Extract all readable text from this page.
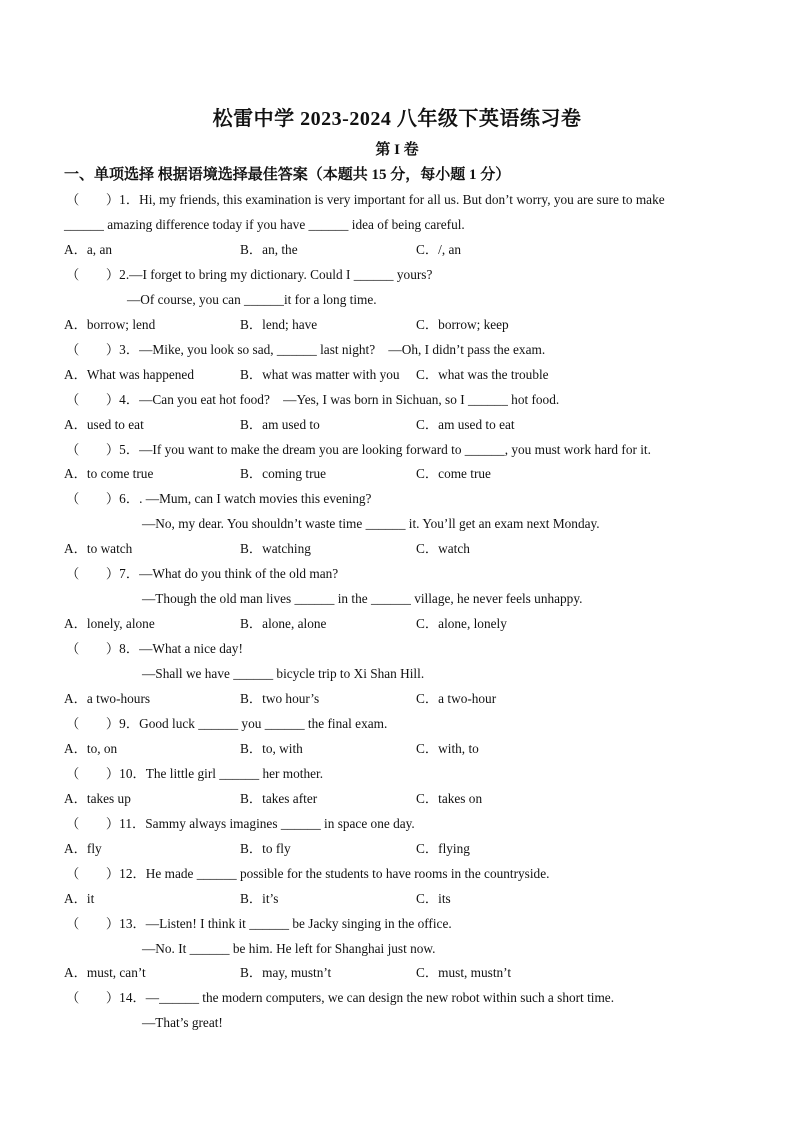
松雷中学 2023-2024 八年级下英语练习卷
第 I 卷
一、单项选择 根据语境选择最佳答案（本题共 15 分，每小题 1 分）
（　　）1．Hi, my friends, this examination is very important for all us. But don’t worry, you are sure to make
______ amazing difference today if you have ______ idea of being careful.
A．a, an	B．an, the	C．/, an
（　　）2.—I forget to bring my dictionary. Could I ______ yours?
—Of course, you can ______it for a long time.
A．borrow; lend	B．lend; have	C．borrow; keep
（　　）3．—Mike, you look so sad, ______ last night?　—Oh, I didn’t pass the exam.
A．What was happened	B．what was matter with you C．what was the trouble
（　　）4．—Can you eat hot food?　—Yes, I was born in Sichuan, so I ______ hot food.
A．used to eat	B．am used to	C．am used to eat
（　　）5．—If you want to make the dream you are looking forward to ______, you must work hard for it.
A．to come true	B．coming true	C．come true
（　　）6．. —Mum, can I watch movies this evening?
—No, my dear. You shouldn’t waste time ______ it. You’ll get an exam next Monday.
A．to watch	B．watching	C．watch
（　　）7．—What do you think of the old man?
—Though the old man lives ______ in the ______ village, he never feels unhappy.
A．lonely, alone	B．alone, alone	C．alone, lonely
（　　）8．—What a nice day!
—Shall we have ______ bicycle trip to Xi Shan Hill.
A．a two-hours	B．two hour’s	C．a two-hour
（　　）9．Good luck ______ you ______ the final exam.
A．to, on	B．to, with	C．with, to
（　　）10．The little girl ______ her mother.
A．takes up	B．takes after	C．takes on
（　　）11．Sammy always imagines ______ in space one day.
A．fly	B．to fly	C．flying
（　　）12．He made ______ possible for the students to have rooms in the countryside.
A．it	B．it’s	C．its
（　　）13．—Listen! I think it ______ be Jacky singing in the office.
—No. It ______ be him. He left for Shanghai just now.
A．must, can’t	B．may, mustn’t	C．must, mustn’t
（　　）14．—______ the modern computers, we can design the new robot within such a short time.
—That’s great!
